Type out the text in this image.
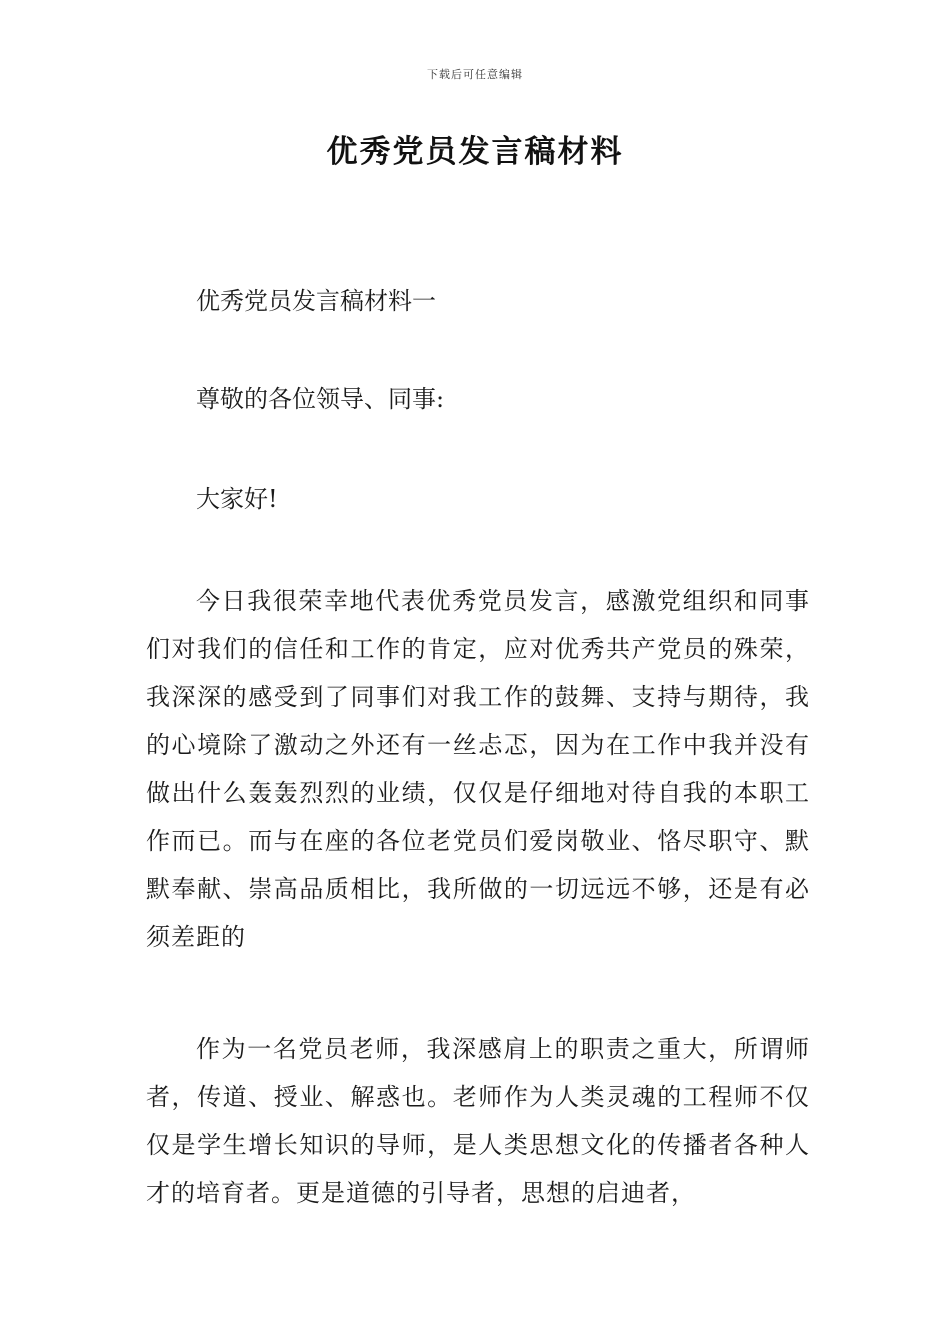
下载后可任意编辑
优秀党员发言稿材料

优秀党员发言稿材料一

尊敬的各位领导、同事:

大家好!

今日我很荣幸地代表优秀党员发言，感激党组织和同事们对我们的信任和工作的肯定，应对优秀共产党员的殊荣，我深深的感受到了同事们对我工作的鼓舞、支持与期待，我的心境除了激动之外还有一丝忐忑，因为在工作中我并没有做出什么轰轰烈烈的业绩，仅仅是仔细地对待自我的本职工作而已。而与在座的各位老党员们爱岗敬业、恪尽职守、默默奉献、崇高品质相比，我所做的一切远远不够，还是有必须差距的

作为一名党员老师，我深感肩上的职责之重大，所谓师者，传道、授业、解惑也。老师作为人类灵魂的工程师不仅仅是学生增长知识的导师，是人类思想文化的传播者各种人才的培育者。更是道德的引导者，思想的启迪者，
